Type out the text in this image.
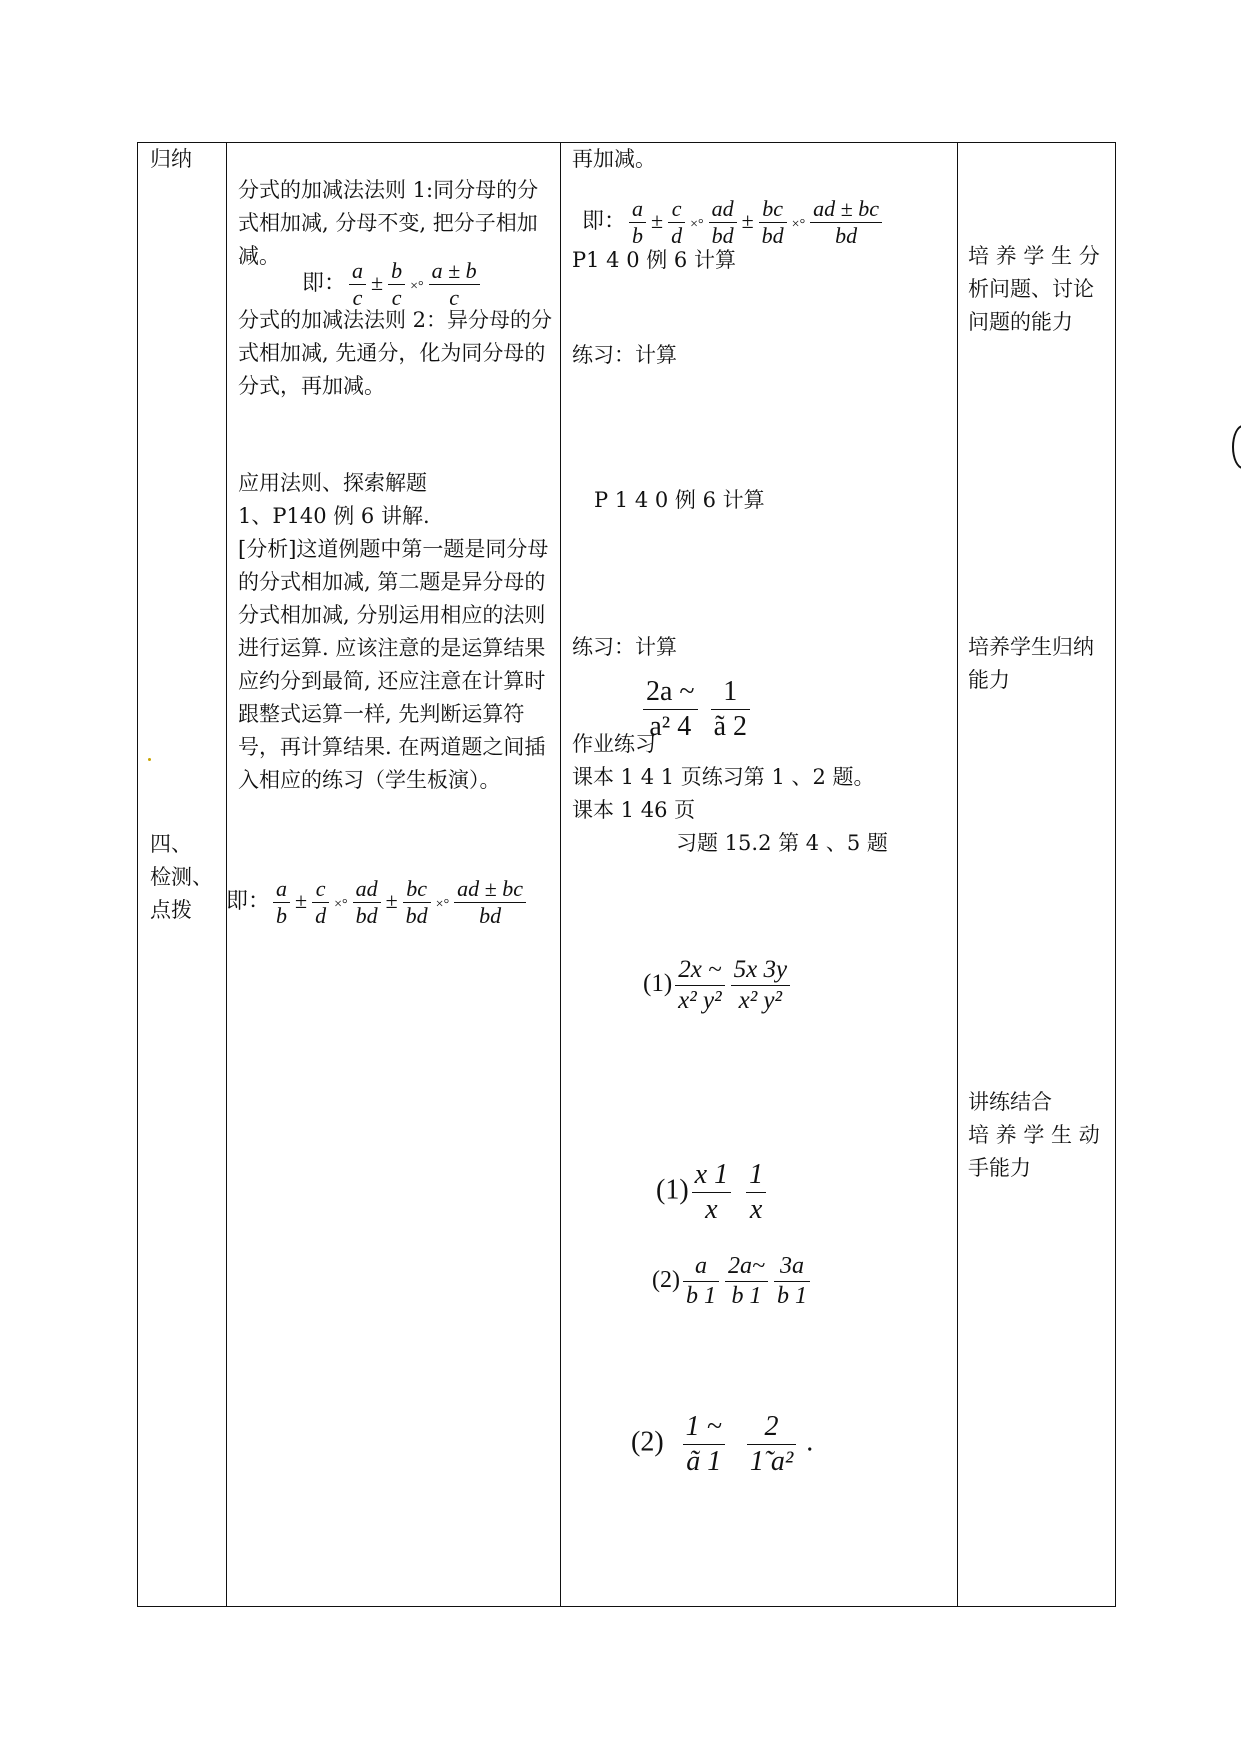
归纳
四、
检测、
点拨
分式的加减法法则 1:同分母的分式相加减, 分母不变, 把分子相加减。
即： $\frac{a}{c} \pm \frac{b}{c}$ ×° $\frac{a \pm b}{c}$
分式的加减法法则 2：异分母的分式相加减, 先通分，化为同分母的分式，再加减。
应用法则、探索解题
1、P140 例 6 讲解.
[分析]这道例题中第一题是同分母的分式相加减, 第二题是异分母的分式相加减, 分别运用相应的法则进行运算. 应该注意的是运算结果应约分到最简, 还应注意在计算时跟整式运算一样, 先判断运算符号，再计算结果. 在两道题之间插入相应的练习（学生板演）。
即： $\frac{a}{b} \pm \frac{c}{d}$ ×° $\frac{ad}{bd} \pm \frac{bc}{bd}$ ×° $\frac{ad \pm bc}{bd}$
再加减。
即： $\frac{a}{b} \pm \frac{c}{d}$ ×° $\frac{ad}{bd} \pm \frac{bc}{bd}$ ×° $\frac{ad \pm bc}{bd}$
P1 4 0 例 6 计算
练习：计算
P 1 4 0 例 6 计算
练习：计算
$\frac{2a \sim}{\text{a² 4}}$
$\frac{1}{ã 2}$
作业练习
课本 1 4 1 页练习第 1 、2 题。
课本 1 46 页
习题 15.2 第 4 、5 题
$(1) \frac{2x \sim}{\text{x² y²}} \frac{5x 3y}{\text{x² y²}}$
$(1) \frac{x 1}{x} \frac{1}{x}$
$(2) \frac{a}{b 1} \frac{2a\sim}{b 1} \frac{3a}{b 1}$
$(2) \frac{1 \sim}{ã 1}$
$\frac{2}{\text{1̃ a²}}$ .
培 养 学 生 分析问题、讨论问题的能力
培养学生归纳能力
讲练结合
培 养 学 生 动手能力
